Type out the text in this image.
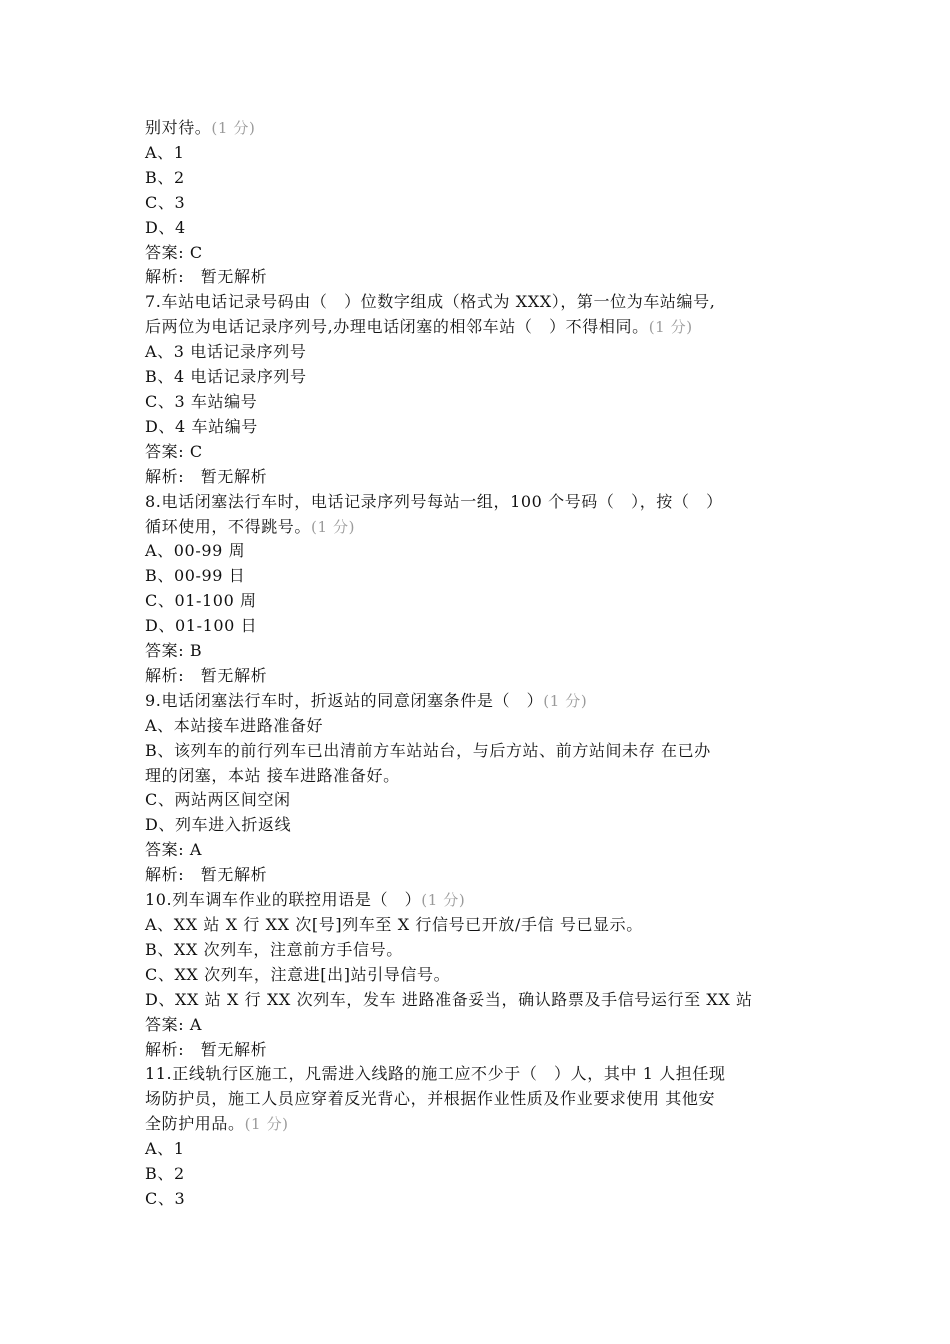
别对待。(1 分)
A、1
B、2
C、3
D、4
答案: C
解析:　暂无解析
7.车站电话记录号码由（　）位数字组成（格式为 XXX），第一位为车站编号,
后两位为电话记录序列号,办理电话闭塞的相邻车站（　）不得相同。(1 分)
A、3 电话记录序列号
B、4 电话记录序列号
C、3 车站编号
D、4 车站编号
答案: C
解析:　暂无解析
8.电话闭塞法行车时，电话记录序列号每站一组，100 个号码（　），按（　）
循环使用，不得跳号。(1 分)
A、00-99 周
B、00-99 日
C、01-100 周
D、01-100 日
答案: B
解析:　暂无解析
9.电话闭塞法行车时，折返站的同意闭塞条件是（　）(1 分)
A、本站接车进路准备好
B、该列车的前行列车已出清前方车站站台，与后方站、前方站间未存 在已办
理的闭塞，本站 接车进路准备好。
C、两站两区间空闲
D、列车进入折返线
答案: A
解析:　暂无解析
10.列车调车作业的联控用语是（　）(1 分)
A、XX 站 X 行 XX 次[号]列车至 X 行信号已开放/手信 号已显示。
B、XX 次列车，注意前方手信号。
C、XX 次列车，注意进[出]站引导信号。
D、XX 站 X 行 XX 次列车，发车 进路准备妥当，确认路票及手信号运行至 XX 站
答案: A
解析:　暂无解析
11.正线轨行区施工，凡需进入线路的施工应不少于（　）人，其中 1 人担任现
场防护员，施工人员应穿着反光背心，并根据作业性质及作业要求使用 其他安
全防护用品。(1 分)
A、1
B、2
C、3
